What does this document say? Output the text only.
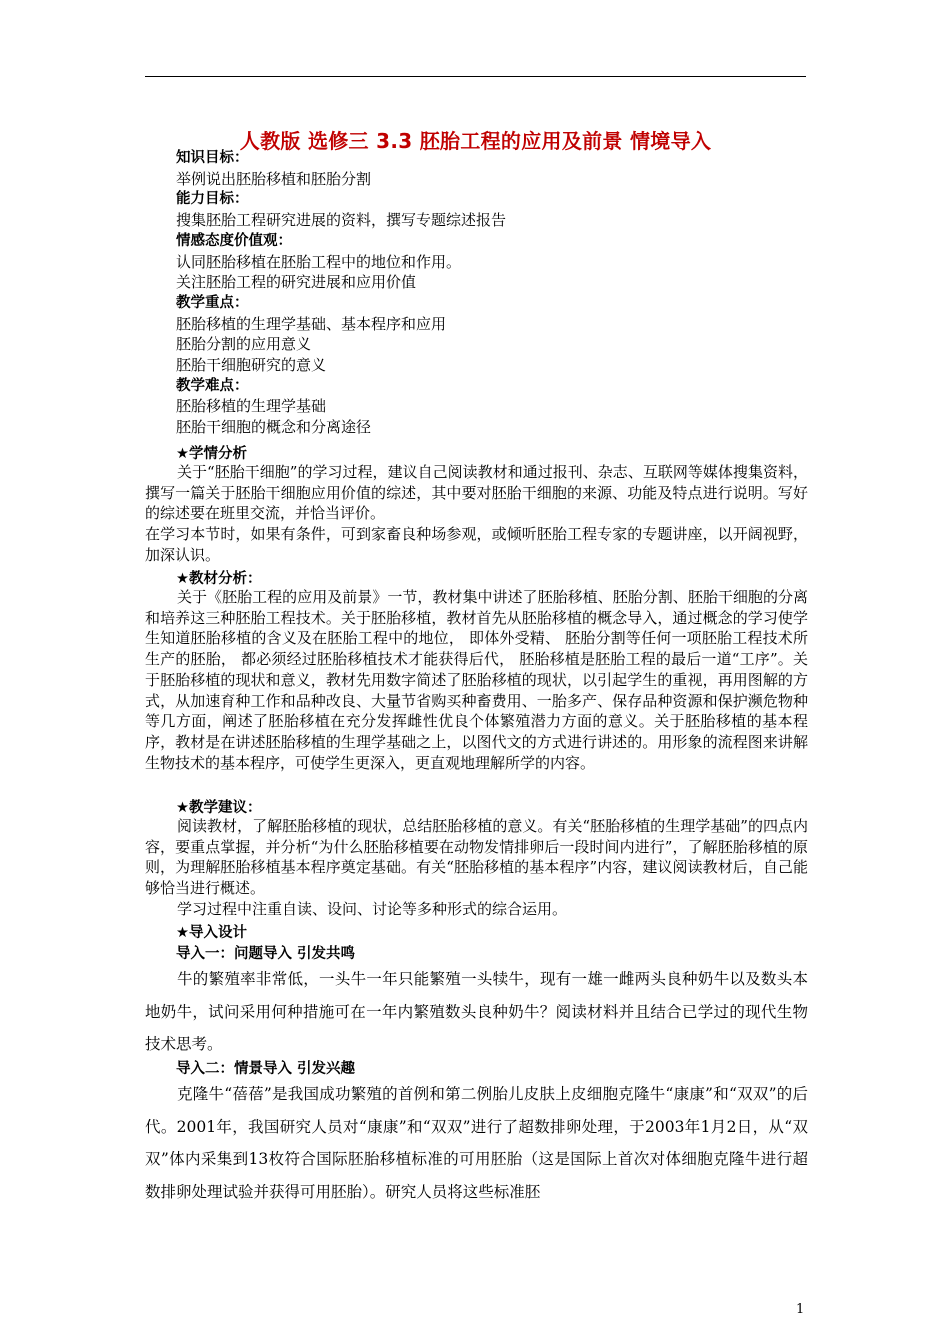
人教版 选修三 3.3 胚胎工程的应用及前景 情境导入

知识目标：

举例说出胚胎移植和胚胎分割

能力目标：

搜集胚胎工程研究进展的资料，撰写专题综述报告

情感态度价值观：

认同胚胎移植在胚胎工程中的地位和作用。

关注胚胎工程的研究进展和应用价值

教学重点：

胚胎移植的生理学基础、基本程序和应用

胚胎分割的应用意义

胚胎干细胞研究的意义

教学难点：

胚胎移植的生理学基础

胚胎干细胞的概念和分离途径

★学情分析

关于“胚胎干细胞”的学习过程，建议自己阅读教材和通过报刊、杂志、互联网等媒体搜集资料，撰写一篇关于胚胎干细胞应用价值的综述，其中要对胚胎干细胞的来源、功能及特点进行说明。写好的综述要在班里交流，并恰当评价。

在学习本节时，如果有条件，可到家畜良种场参观，或倾听胚胎工程专家的专题讲座，以开阔视野，加深认识。

★教材分析：

关于《胚胎工程的应用及前景》一节，教材集中讲述了胚胎移植、胚胎分割、胚胎干细胞的分离和培养这三种胚胎工程技术。关于胚胎移植，教材首先从胚胎移植的概念导入，通过概念的学习使学生知道胚胎移植的含义及在胚胎工程中的地位， 即体外受精、 胚胎分割等任何一项胚胎工程技术所生产的胚胎， 都必须经过胚胎移植技术才能获得后代， 胚胎移植是胚胎工程的最后一道“工序”。关于胚胎移植的现状和意义，教材先用数字简述了胚胎移植的现状，以引起学生的重视，再用图解的方式，从加速育种工作和品种改良、大量节省购买种畜费用、一胎多产、保存品种资源和保护濒危物种等几方面，阐述了胚胎移植在充分发挥雌性优良个体繁殖潜力方面的意义。关于胚胎移植的基本程序，教材是在讲述胚胎移植的生理学基础之上，以图代文的方式进行讲述的。用形象的流程图来讲解生物技术的基本程序，可使学生更深入，更直观地理解所学的内容。

★教学建议：

阅读教材，了解胚胎移植的现状，总结胚胎移植的意义。有关“胚胎移植的生理学基础”的四点内容，要重点掌握，并分析“为什么胚胎移植要在动物发情排卵后一段时间内进行”，了解胚胎移植的原则，为理解胚胎移植基本程序奠定基础。有关“胚胎移植的基本程序”内容，建议阅读教材后，自己能够恰当进行概述。

学习过程中注重自读、设问、讨论等多种形式的综合运用。

★导入设计
导入一：问题导入 引发共鸣

牛的繁殖率非常低，一头牛一年只能繁殖一头犊牛，现有一雄一雌两头良种奶牛以及数头本地奶牛，试问采用何种措施可在一年内繁殖数头良种奶牛？阅读材料并且结合已学过的现代生物技术思考。

导入二：情景导入 引发兴趣

克隆牛“蓓蓓”是我国成功繁殖的首例和第二例胎儿皮肤上皮细胞克隆牛“康康”和“双双”的后代。2001年，我国研究人员对“康康”和“双双”进行了超数排卵处理，于2003年1月2日，从“双双”体内采集到13枚符合国际胚胎移植标准的可用胚胎（这是国际上首次对体细胞克隆牛进行超数排卵处理试验并获得可用胚胎）。研究人员将这些标准胚

1
